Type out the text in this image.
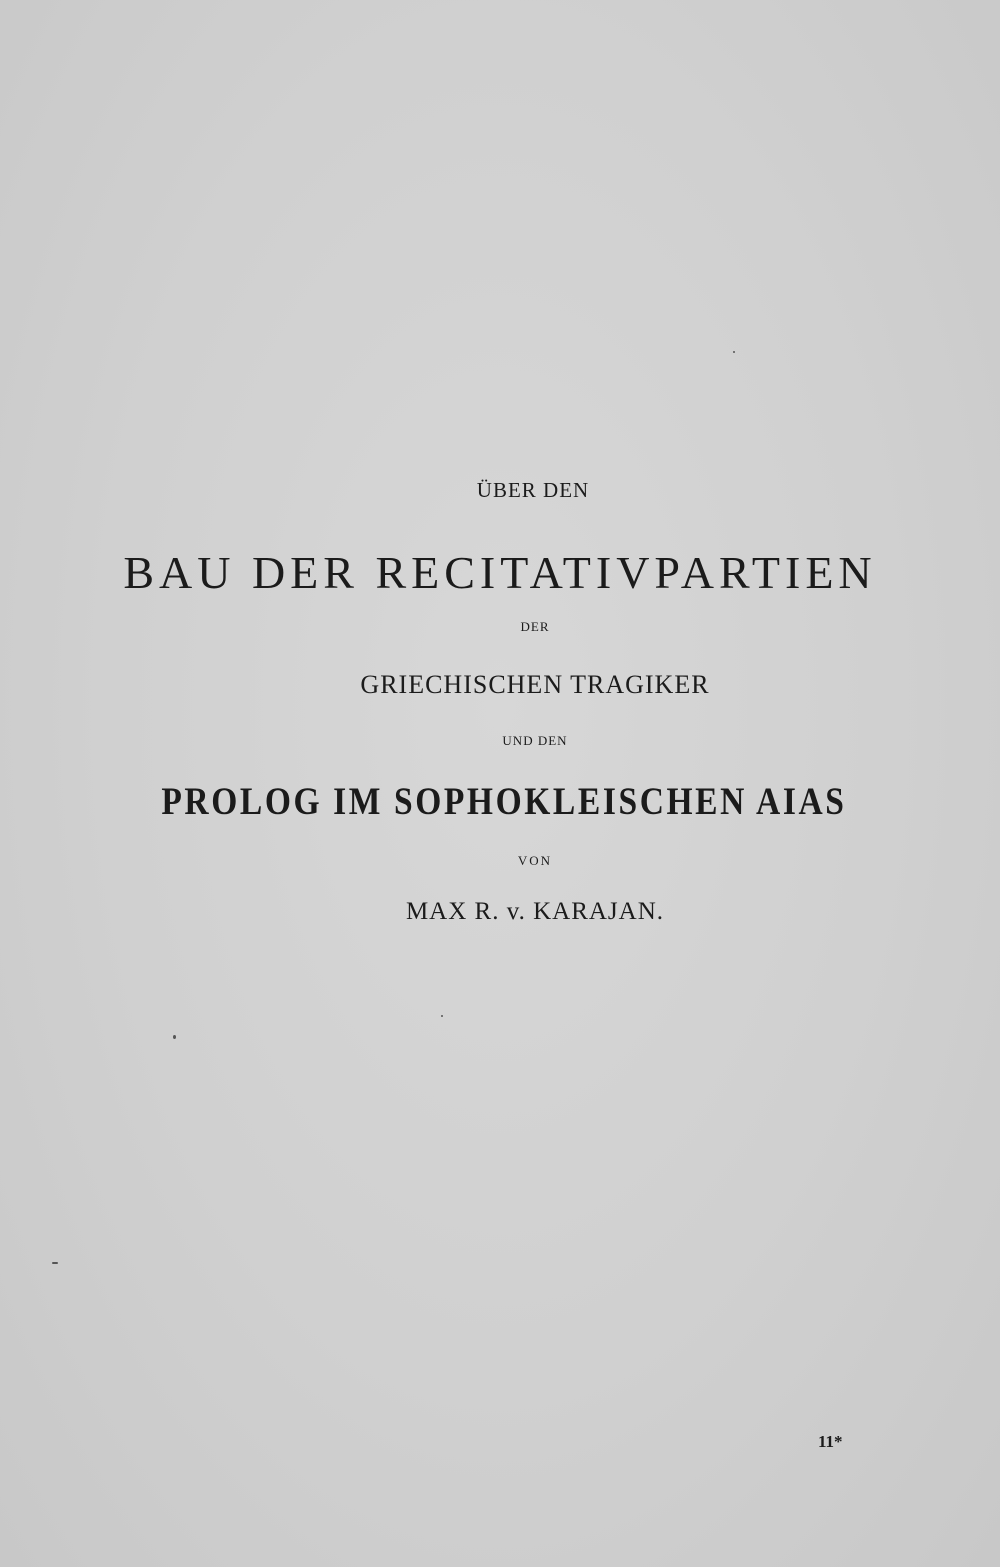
ÜBER DEN
BAU DER RECITATIVPARTIEN
DER
GRIECHISCHEN TRAGIKER
UND DEN
PROLOG IM SOPHOKLEISCHEN AIAS
VON
MAX R. v. KARAJAN.
11*
